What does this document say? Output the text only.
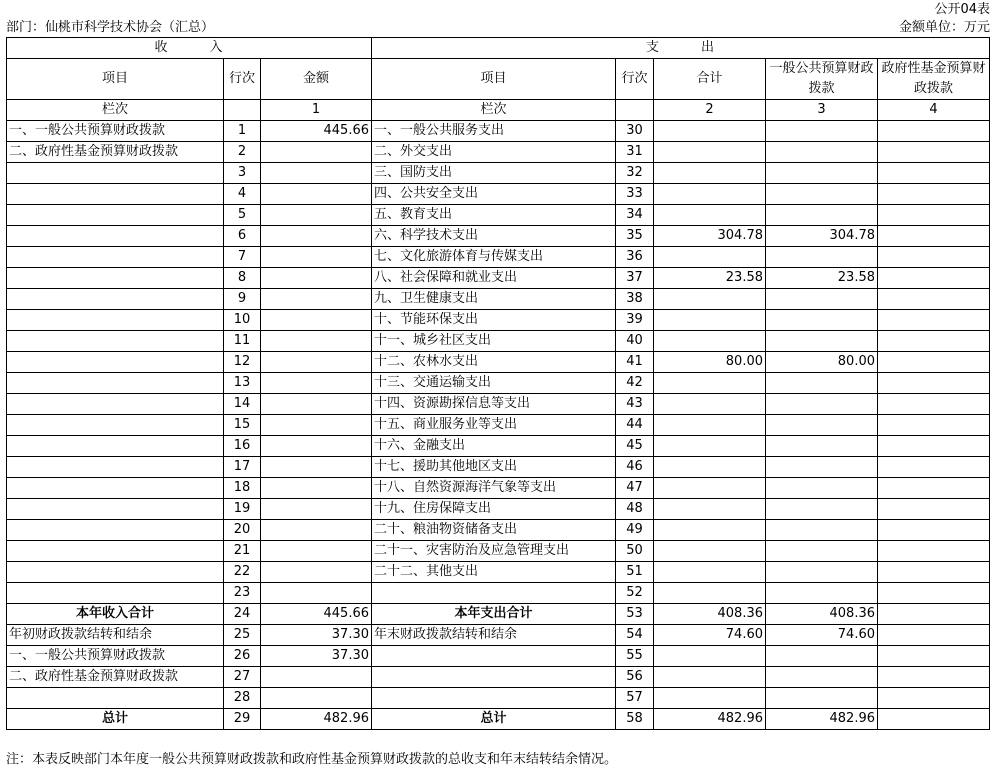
公开04表
部门：仙桃市科学技术协会（汇总）	金额单位：万元
收        入			支        出				
项目	行次	金额	项目	行次	合计	一般公共预算财政拨款	政府性基金预算财政拨款
栏次		1	栏次		2	3	4
一、一般公共预算财政拨款	1	445.66	一、一般公共服务支出	30			
二、政府性基金预算财政拨款	2		二、外交支出	31			
	3		三、国防支出	32			
	4		四、公共安全支出	33			
	5		五、教育支出	34			
	6		六、科学技术支出	35	304.78	304.78	
	7		七、文化旅游体育与传媒支出	36			
	8		八、社会保障和就业支出	37	23.58	23.58	
	9		九、卫生健康支出	38			
	10		十、节能环保支出	39			
	11		十一、城乡社区支出	40			
	12		十二、农林水支出	41	80.00	80.00	
	13		十三、交通运输支出	42			
	14		十四、资源勘探信息等支出	43			
	15		十五、商业服务业等支出	44			
	16		十六、金融支出	45			
	17		十七、援助其他地区支出	46			
	18		十八、自然资源海洋气象等支出	47			
	19		十九、住房保障支出	48			
	20		二十、粮油物资储备支出	49			
	21		二十一、灾害防治及应急管理支出	50			
	22		二十二、其他支出	51			
	23			52			
本年收入合计	24	445.66	本年支出合计	53	408.36	408.36	
年初财政拨款结转和结余	25	37.30	年末财政拨款结转和结余	54	74.60	74.60	
一、一般公共预算财政拨款	26	37.30		55			
二、政府性基金预算财政拨款	27			56			
	28			57			
总计	29	482.96	总计	58	482.96	482.96	
注：本表反映部门本年度一般公共预算财政拨款和政府性基金预算财政拨款的总收支和年末结转结余情况。
